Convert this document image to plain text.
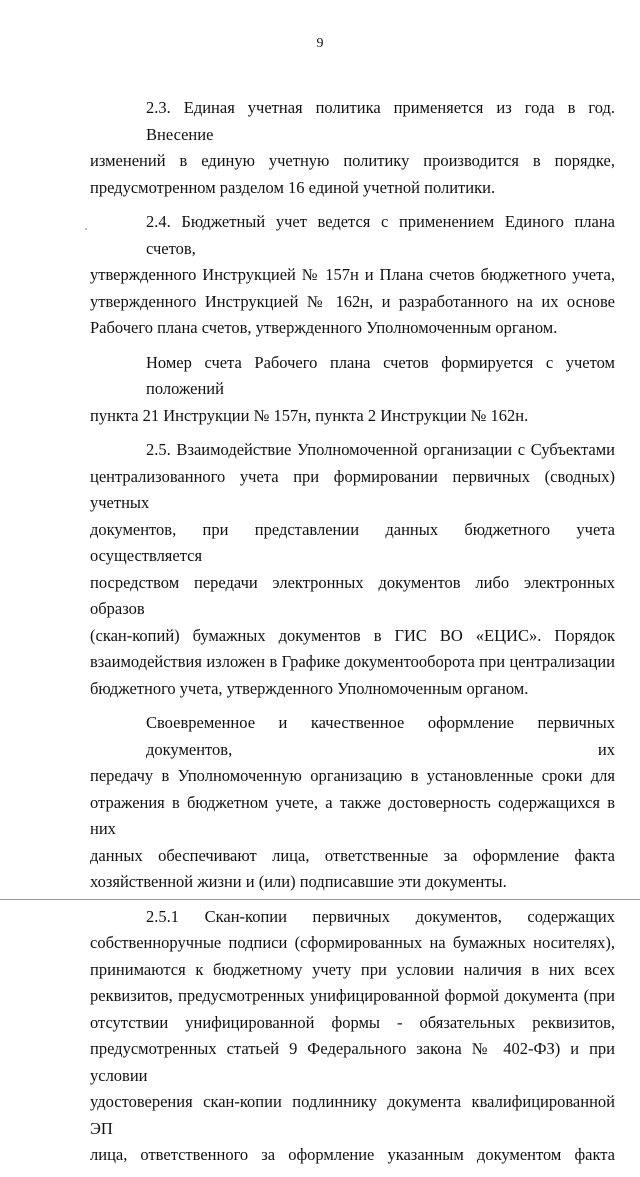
9

2.3. Единая учетная политика применяется из года в год. Внесение
изменений в единую учетную политику производится в порядке,
предусмотренном разделом 16 единой учетной политики.

2.4. Бюджетный учет ведется с применением Единого плана счетов,
утвержденного Инструкцией № 157н и Плана счетов бюджетного учета,
утвержденного Инструкцией № 162н, и разработанного на их основе
Рабочего плана счетов, утвержденного Уполномоченным органом.

Номер счета Рабочего плана счетов формируется с учетом положений
пункта 21 Инструкции № 157н, пункта 2 Инструкции № 162н.

2.5. Взаимодействие Уполномоченной организации с Субъектами
централизованного учета при формировании первичных (сводных) учетных
документов, при представлении данных бюджетного учета осуществляется
посредством передачи электронных документов либо электронных образов
(скан-копий) бумажных документов в ГИС ВО «ЕЦИС». Порядок
взаимодействия изложен в Графике документооборота при централизации
бюджетного учета, утвержденного Уполномоченным органом.

Своевременное и качественное оформление первичных документов, их
передачу в Уполномоченную организацию в установленные сроки для
отражения в бюджетном учете, а также достоверность содержащихся в них
данных обеспечивают лица, ответственные за оформление факта
хозяйственной жизни и (или) подписавшие эти документы.

2.5.1 Скан-копии первичных документов, содержащих
собственноручные подписи (сформированных на бумажных носителях),
принимаются к бюджетному учету при условии наличия в них всех
реквизитов, предусмотренных унифицированной формой документа (при
отсутствии унифицированной формы - обязательных реквизитов,
предусмотренных статьей 9 Федерального закона № 402-ФЗ) и при условии
удостоверения скан-копии подлиннику документа квалифицированной ЭП
лица, ответственного за оформление указанным документом факта
